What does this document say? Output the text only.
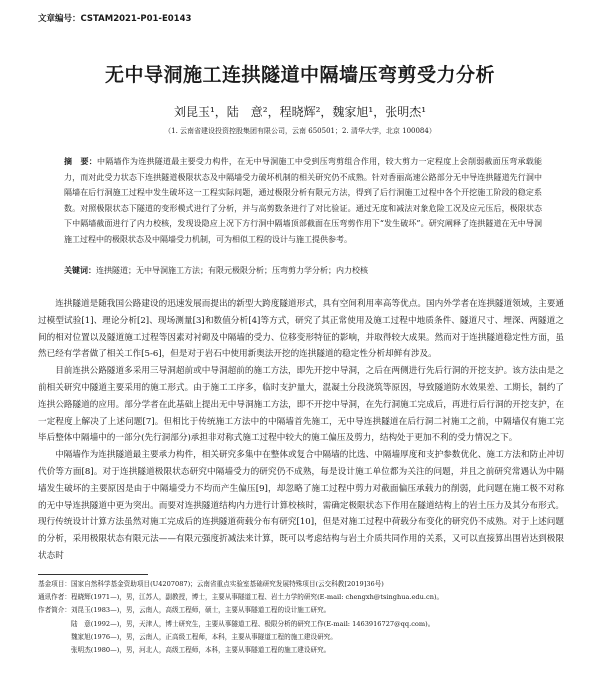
文章编号：CSTAM2021-P01-E0143
无中导洞施工连拱隧道中隔墙压弯剪受力分析
刘昆玉¹，陆　意²，程晓辉²，魏家旭¹，张明杰¹
（1. 云南省建设投资控股集团有限公司，云南 650501；2. 清华大学，北京 100084）
摘　要：中隔墙作为连拱隧道最主要受力构件，在无中导洞施工中受到压弯剪组合作用，较大剪力一定程度上会削弱截面压弯承载能力，而对此受力状态下连拱隧道极限状态及中隔墙受力破坏机制的相关研究仍不成熟。针对香丽高速公路部分无中导连拱隧道先行洞中隔墙在后行洞施工过程中发生破坏这一工程实际问题，通过极限分析有限元方法，得到了后行洞施工过程中各个开挖施工阶段的稳定系数。对照极限状态下隧道的变形模式进行了分析，并与高剪数条进行了对比验证。通过无度和减法对象危险工况及应元压后，极限状态下中隔墙截面进行了内力校核，发现设隐应上况下方行洞中隔墙顶部截面在压弯剪作用下“发生破坏”。研究阐释了连拱隧道在无中导洞施工过程中的极限状态及中隔墙受力机制，可为相似工程的设计与施工提供参考。
关键词：连拱隧道；无中导洞施工方法；有限元极限分析；压弯剪力学分析；内力校核

连拱隧道是随我国公路建设的迅速发展而提出的新型大跨度隧道形式，具有空间利用率高等优点。国内外学者在连拱隧道领域，主要通过模型试验[1]、理论分析[2]、现场测量[3]和数值分析[4]等方式，研究了其正常使用及施工过程中地质条件、隧道尺寸、埋深、两隧道之间的相对位置以及隧道施工过程等因素对衬砌及中隔墙的受力、位移变形特征的影响，并取得较大成果。然而对于连拱隧道稳定性方面，虽然已经有学者做了相关工作[5-6]，但是对于岩石中使用新奥法开挖的连拱隧道的稳定性分析却鲜有涉及。

目前连拱公路隧道多采用三导洞超前或中导洞超前的施工方法，即先开挖中导洞，之后在两侧进行先后行洞的开挖支护。该方法由是之前相关研究中隧道主要采用的施工形式。由于施工工序多，临时支护量大，混凝土分段浇筑等原因，导致隧道防水效果差、工期长，制约了连拱公路隧道的应用。部分学者在此基础上提出无中导洞施工方法，即不开挖中导洞，在先行洞施工完成后，再进行后行洞的开挖支护，在一定程度上解决了上述问题[7]。但相比于传统施工方法中的中隔墙首先施工，无中导连拱隧道在后行洞二衬施工之前，中隔墙仅有施工完毕后整体中隔墙中的一部分(先行洞部分)承担非对称式施工过程中较大的施工偏压及剪力，结构处于更加不利的受力情况之下。

中隔墙作为连拱隧道最主要承力构件，相关研究多集中在整体或复合中隔墙的比选、中隔墙厚度和支护参数优化、施工方法和防止冲切代价等方面[8]。对于连拱隧道极限状态研究中隔墙受力的研究仍不成熟，每是设计施工单位都为关注的问题，并且之前研究常遇认为中隔墙发生破坏的主要原因是由于中隔墙受力不均而产生偏压[9]，却忽略了施工过程中剪力对截面偏压承载力的削弱，此问题在施工极不对称的无中导连拱隧道中更为突出。而要对连拱隧道结构内力进行计算校核时，需确定极限状态下作用在隧道结构上的岩土压力及其分布形式。现行传统设计计算方法虽然对施工完成后的连拱隧道荷载分布有研究[10]，但是对施工过程中荷载分布变化的研究仍不成熟。对于上述问题的分析，采用极限状态有限元法——有限元强度折减法来计算，既可以考虑结构与岩土介质共同作用的关系，又可以直接算出围岩达到极限状态时

基金项目：国家自然科学基金资助项目(U4207087)；云南省重点实验室基础研究发展特殊项目(云交科教[2019]36号)
通讯作者：程晓辉(1971—)，男，江苏人，副教授，博士，主要从事隧道工程、岩土力学的研究(E-mail: chengxh@tsinghua.edu.cn)。
作者简介：刘昆玉(1983—)，男，云南人，高级工程师，硕士，主要从事隧道工程的设计施工研究。
　　　　　陆　意(1992—)，男，天津人，博士研究生，主要从事隧道工程、极限分析的研究工作(E-mail: 1463916727@qq.com)。
　　　　　魏家旭(1976—)，男，云南人，正高级工程师，本科，主要从事隧道工程的施工建设研究。
　　　　　张明杰(1980—)，男，河北人，高级工程师，本科，主要从事隧道工程的施工建设研究。
